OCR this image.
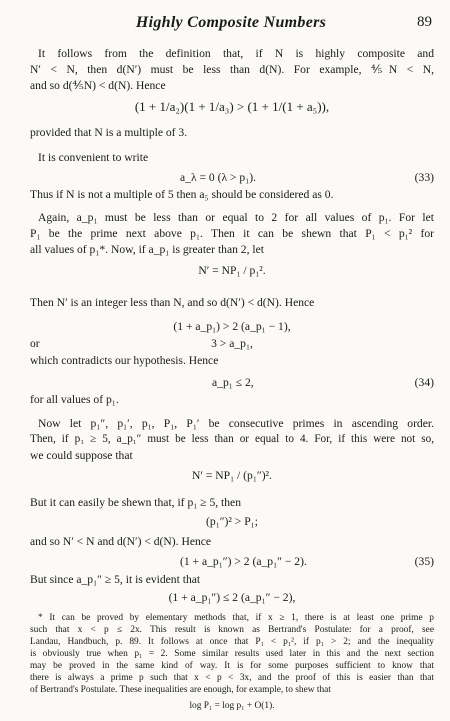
Highly Composite Numbers	89
It follows from the definition that, if N is highly composite and
N′ < N, then d(N′) must be less than d(N). For example, ⅘N < N,
and so d(⅘N) < d(N). Hence
(1 + 1/a₂)(1 + 1/a₃) > (1 + 1/(1 + a₅)),
provided that N is a multiple of 3.
It is convenient to write
a_λ = 0 (λ > p₁).	(33)
Thus if N is not a multiple of 5 then a₅ should be considered as 0.
Again, a_p₁ must be less than or equal to 2 for all values of p₁. For let
P₁ be the prime next above p₁. Then it can be shewn that P₁ < p₁² for
all values of p₁*. Now, if a_p₁ is greater than 2, let
N′ = NP₁ / p₁².
Then N′ is an integer less than N, and so d(N′) < d(N). Hence
(1 + a_p₁) > 2 (a_p₁ − 1),
or	3 > a_p₁,
which contradicts our hypothesis. Hence
a_p₁ ≤ 2,	(34)
for all values of p₁.
Now let p₁″, p₁′, p₁, P₁, P₁′ be consecutive primes in ascending order.
Then, if p₁ ≥ 5, a_p₁″ must be less than or equal to 4. For, if this were not so,
we could suppose that
N′ = NP₁ / (p₁″)².
But it can easily be shewn that, if p₁ ≥ 5, then
(p₁″)² > P₁;
and so N′ < N and d(N′) < d(N). Hence
(1 + a_p₁″) > 2 (a_p₁″ − 2).	(35)
But since a_p₁″ ≥ 5, it is evident that
(1 + a_p₁″) ≤ 2 (a_p₁″ − 2),
* It can be proved by elementary methods that, if x ≥ 1, there is at least one prime p
such that x < p ≤ 2x. This result is known as Bertrand's Postulate: for a proof, see
Landau, Handbuch, p. 89. It follows at once that P₁ < p₁², if p₁ > 2; and the inequality
is obviously true when p₁ = 2. Some similar results used later in this and the next section
may be proved in the same kind of way. It is for some purposes sufficient to know that
there is always a prime p such that x < p < 3x, and the proof of this is easier than that
of Bertrand's Postulate. These inequalities are enough, for example, to shew that
log P₁ = log p₁ + O(1).
